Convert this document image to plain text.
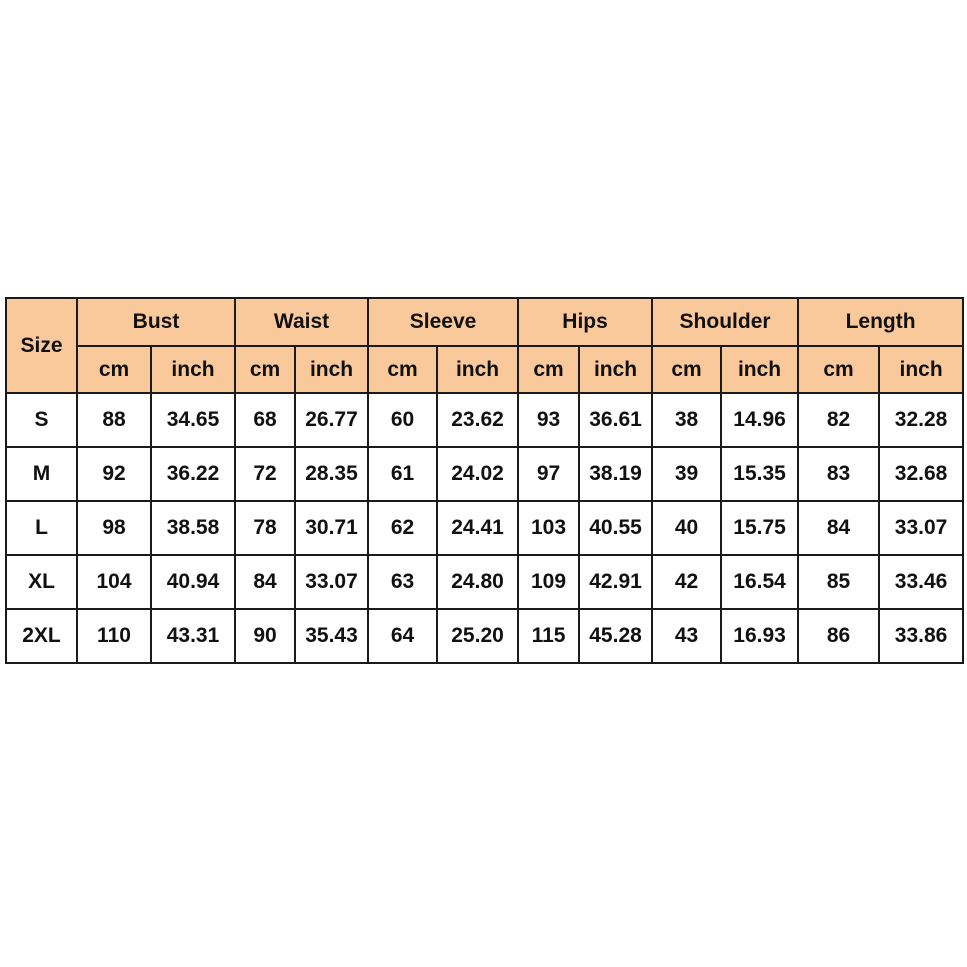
Size	Bust		Waist		Sleeve		Hips		Shoulder		Length	
	cm	inch	cm	inch	cm	inch	cm	inch	cm	inch	cm	inch
S	88	34.65	68	26.77	60	23.62	93	36.61	38	14.96	82	32.28
M	92	36.22	72	28.35	61	24.02	97	38.19	39	15.35	83	32.68
L	98	38.58	78	30.71	62	24.41	103	40.55	40	15.75	84	33.07
XL	104	40.94	84	33.07	63	24.80	109	42.91	42	16.54	85	33.46
2XL	110	43.31	90	35.43	64	25.20	115	45.28	43	16.93	86	33.86
